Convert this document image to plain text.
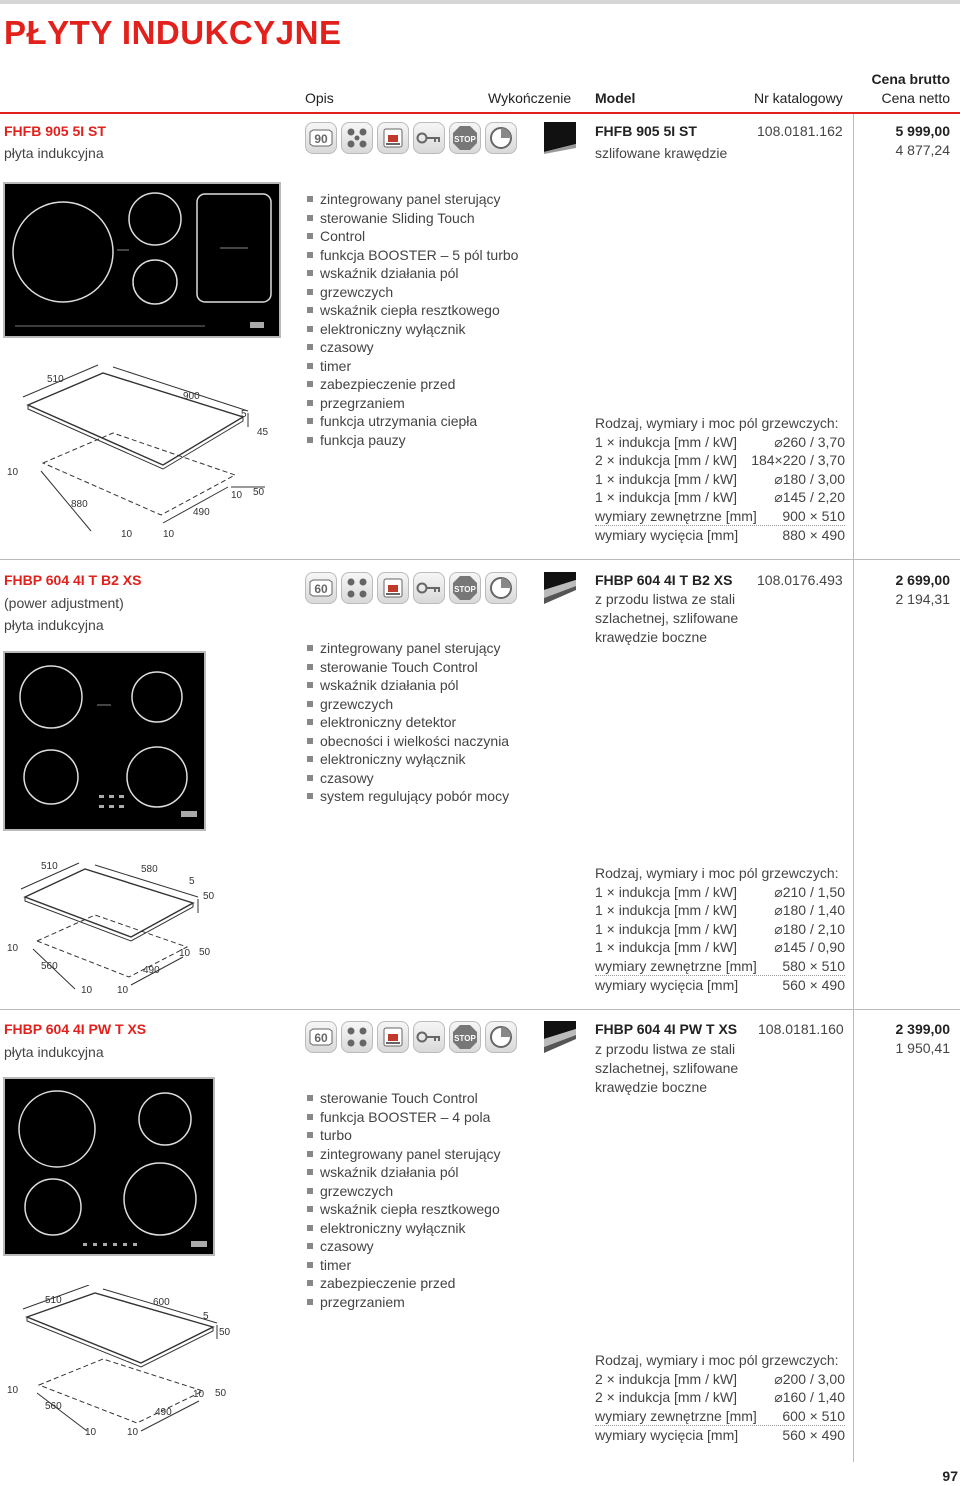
PŁYTY INDUKCYJNE
Opis	Wykończenie Model	Nr katalogowy
Cena brutto
Cena netto
FHFB 905 5I ST
płyta indukcyjna
90	STOP
FHFB 905 5I ST
szlifowane krawędzie
108.0181.162	5 999,00
4 877,24
510
900
5
45
10
880
490
10	10
10 50
zintegrowany panel sterujący
sterowanie Sliding Touch
Control
funkcja BOOSTER – 5 pól turbo
wskaźnik działania pól
grzewczych
wskaźnik ciepła resztkowego
elektroniczny wyłącznik
czasowy
timer
zabezpieczenie przed
przegrzaniem
funkcja utrzymania ciepła
funkcja pauzy
Rodzaj, wymiary i moc pól grzewczych:
1 × indukcja [mm / kW]	⌀260 / 3,70
2 × indukcja [mm / kW] 184×220 / 3,70
1 × indukcja [mm / kW]	⌀180 / 3,00
1 × indukcja [mm / kW]	⌀145 / 2,20
wymiary zewnętrzne [mm] 900 × 510
wymiary wycięcia [mm]	880 × 490
FHBP 604 4I T B2 XS
(power adjustment)
płyta indukcyjna
60	STOP
FHBP 604 4I T B2 XS
z przodu listwa ze stali
szlachetnej, szlifowane
krawędzie boczne
108.0176.493	2 699,00
2 194,31
zintegrowany panel sterujący
sterowanie Touch Control
wskaźnik działania pól
grzewczych
elektroniczny detektor
obecności i wielkości naczynia
elektroniczny wyłącznik
czasowy
system regulujący pobór mocy
510	580
5
50
10
560	490
10 10
10 50
Rodzaj, wymiary i moc pól grzewczych:
1 × indukcja [mm / kW]	⌀210 / 1,50
1 × indukcja [mm / kW]	⌀180 / 1,40
1 × indukcja [mm / kW]	⌀180 / 2,10
1 × indukcja [mm / kW]	⌀145 / 0,90
wymiary zewnętrzne [mm] 580 × 510
wymiary wycięcia [mm]	560 × 490
FHBP 604 4I PW T XS
płyta indukcyjna
60	STOP
FHBP 604 4I PW T XS
z przodu listwa ze stali
szlachetnej, szlifowane
krawędzie boczne
108.0181.160	2 399,00
1 950,41
sterowanie Touch Control
funkcja BOOSTER – 4 pola
turbo
zintegrowany panel sterujący
wskaźnik działania pól
grzewczych
wskaźnik ciepła resztkowego
elektroniczny wyłącznik
czasowy
timer
zabezpieczenie przed
przegrzaniem
510	600
5
50
10
560
490
10	10
10 50
Rodzaj, wymiary i moc pól grzewczych:
2 × indukcja [mm / kW]	⌀200 / 3,00
2 × indukcja [mm / kW]	⌀160 / 1,40
wymiary zewnętrzne [mm] 600 × 510
wymiary wycięcia [mm]	560 × 490
97
